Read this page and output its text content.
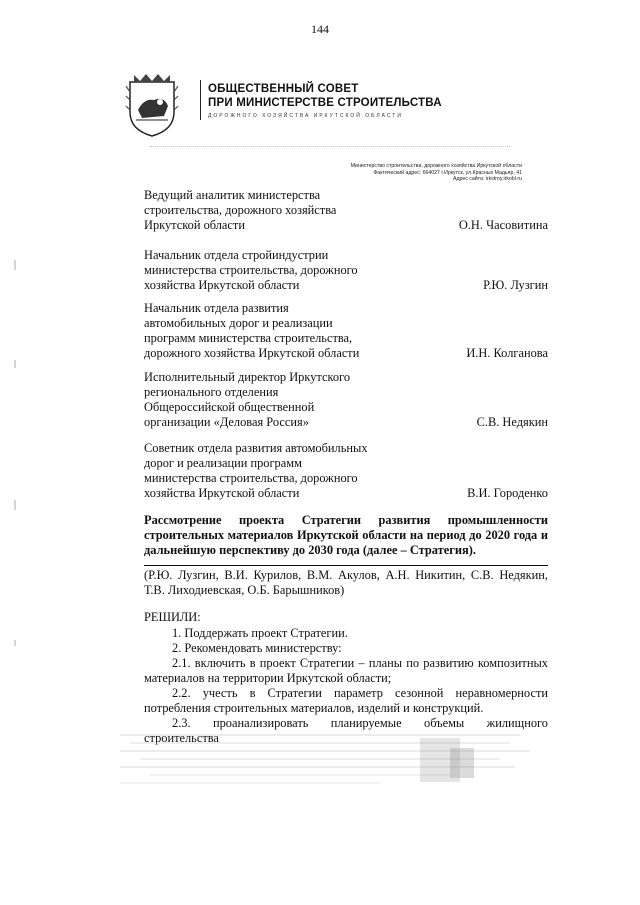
144
ОБЩЕСТВЕННЫЙ СОВЕТ
ПРИ МИНИСТЕРСТВЕ СТРОИТЕЛЬСТВА
ДОРОЖНОГО ХОЗЯЙСТВА ИРКУТСКОЙ ОБЛАСТИ
Министерство строительства, дорожного хозяйства Иркутской области
Фактический адрес: 664027 г.Иркутск, ул.Красных Мадьяр, 41
Адрес сайта: irkstroy.irkobl.ru
Ведущий аналитик министерства
строительства, дорожного хозяйства
Иркутской области	О.Н. Часовитина
Начальник отдела стройиндустрии
министерства строительства, дорожного
хозяйства Иркутской области	Р.Ю. Лузгин
Начальник отдела развития
автомобильных дорог и реализации
программ министерства строительства,
дорожного хозяйства Иркутской области	И.Н. Колганова
Исполнительный директор Иркутского
регионального отделения
Общероссийской общественной
организации «Деловая Россия»	С.В. Недякин
Советник отдела развития автомобильных
дорог и реализации программ
министерства строительства, дорожного
хозяйства Иркутской области	В.И. Городенко
Рассмотрение проекта Стратегии развития промышленности строительных материалов Иркутской области на период до 2020 года и дальнейшую перспективу до 2030 года (далее – Стратегия).
(Р.Ю. Лузгин, В.И. Курилов, В.М. Акулов, А.Н. Никитин, С.В. Недякин, Т.В. Лиходиевская, О.Б. Барышников)
РЕШИЛИ:

1. Поддержать проект Стратегии.

2. Рекомендовать министерству:

2.1. включить в проект Стратегии – планы по развитию композитных материалов на территории Иркутской области;

2.2. учесть в Стратегии параметр сезонной неравномерности потребления строительных материалов, изделий и конструкций.

2.3. проанализировать планируемые объемы жилищного строительства
